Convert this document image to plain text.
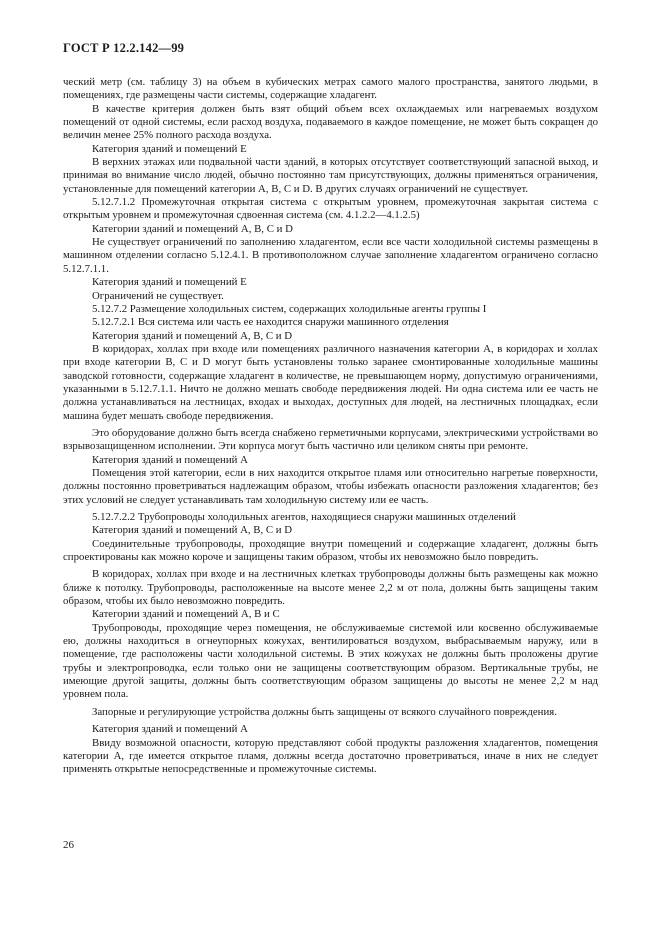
ГОСТ Р 12.2.142—99

ческий метр (см. таблицу 3) на объем в кубических метрах самого малого пространства, занятого людьми, в помещениях, где размещены части системы, содержащие хладагент.

В качестве критерия должен быть взят общий объем всех охлаждаемых или нагреваемых воздухом помещений от одной системы, если расход воздуха, подаваемого в каждое помещение, не может быть сокращен до величин менее 25% полного расхода воздуха.

Категория зданий и помещений Е

В верхних этажах или подвальной части зданий, в которых отсутствует соответствующий запасной выход, и принимая во внимание число людей, обычно постоянно там присутствующих, должны применяться ограничения, установленные для помещений категории А, В, С и D. В других случаях ограничений не существует.

5.12.7.1.2 Промежуточная открытая система с открытым уровнем, промежуточная закрытая система с открытым уровнем и промежуточная сдвоенная система (см. 4.1.2.2—4.1.2.5)

Категории зданий и помещений А, В, С и D

Не существует ограничений по заполнению хладагентом, если все части холодильной системы размещены в машинном отделении согласно 5.12.4.1. В противоположном случае заполнение хладагентом ограничено согласно 5.12.7.1.1.

Категория зданий и помещений Е

Ограничений не существует.

5.12.7.2 Размещение холодильных систем, содержащих холодильные агенты группы I

5.12.7.2.1 Вся система или часть ее находится снаружи машинного отделения

Категория зданий и помещений А, В, С и D

В коридорах, холлах при входе или помещениях различного назначения категории А, в коридорах и холлах при входе категории В, С и D могут быть установлены только заранее смонтированные холодильные машины заводской готовности, содержащие хладагент в количестве, не превышающем норму, допустимую ограничениями, указанными в 5.12.7.1.1. Ничто не должно мешать свободе передвижения людей. Ни одна система или ее часть не должна устанавливаться на лестницах, входах и выходах, доступных для людей, на лестничных площадках, если машина будет мешать свободе передвижения.

Это оборудование должно быть всегда снабжено герметичными корпусами, электрическими устройствами во взрывозащищенном исполнении. Эти корпуса могут быть частично или целиком сняты при ремонте.

Категория зданий и помещений А

Помещения этой категории, если в них находится открытое пламя или относительно нагретые поверхности, должны постоянно проветриваться надлежащим образом, чтобы избежать опасности разложения хладагентов; без этих условий не следует устанавливать там холодильную систему или ее часть.

5.12.7.2.2 Трубопроводы холодильных агентов, находящиеся снаружи машинных отделений

Категория зданий и помещений А, В, С и D

Соединительные трубопроводы, проходящие внутри помещений и содержащие хладагент, должны быть спроектированы как можно короче и защищены таким образом, чтобы их невозможно было повредить.

В коридорах, холлах при входе и на лестничных клетках трубопроводы должны быть размещены как можно ближе к потолку. Трубопроводы, расположенные на высоте менее 2,2 м от пола, должны быть защищены таким образом, чтобы их было невозможно повредить.

Категории зданий и помещений А, В и С

Трубопроводы, проходящие через помещения, не обслуживаемые системой или косвенно обслуживаемые ею, должны находиться в огнеупорных кожухах, вентилироваться воздухом, выбрасываемым наружу, или в помещение, где расположены части холодильной системы. В этих кожухах не должны быть проложены другие трубы и электропроводка, если только они не защищены соответствующим образом. Вертикальные трубы, не имеющие другой защиты, должны быть соответствующим образом защищены до высоты не менее 2,2 м над уровнем пола.

Запорные и регулирующие устройства должны быть защищены от всякого случайного повреждения.

Категория зданий и помещений А

Ввиду возможной опасности, которую представляют собой продукты разложения хладагентов, помещения категории А, где имеется открытое пламя, должны всегда достаточно проветриваться, иначе в них не следует применять открытые непосредственные и промежуточные системы.

26
